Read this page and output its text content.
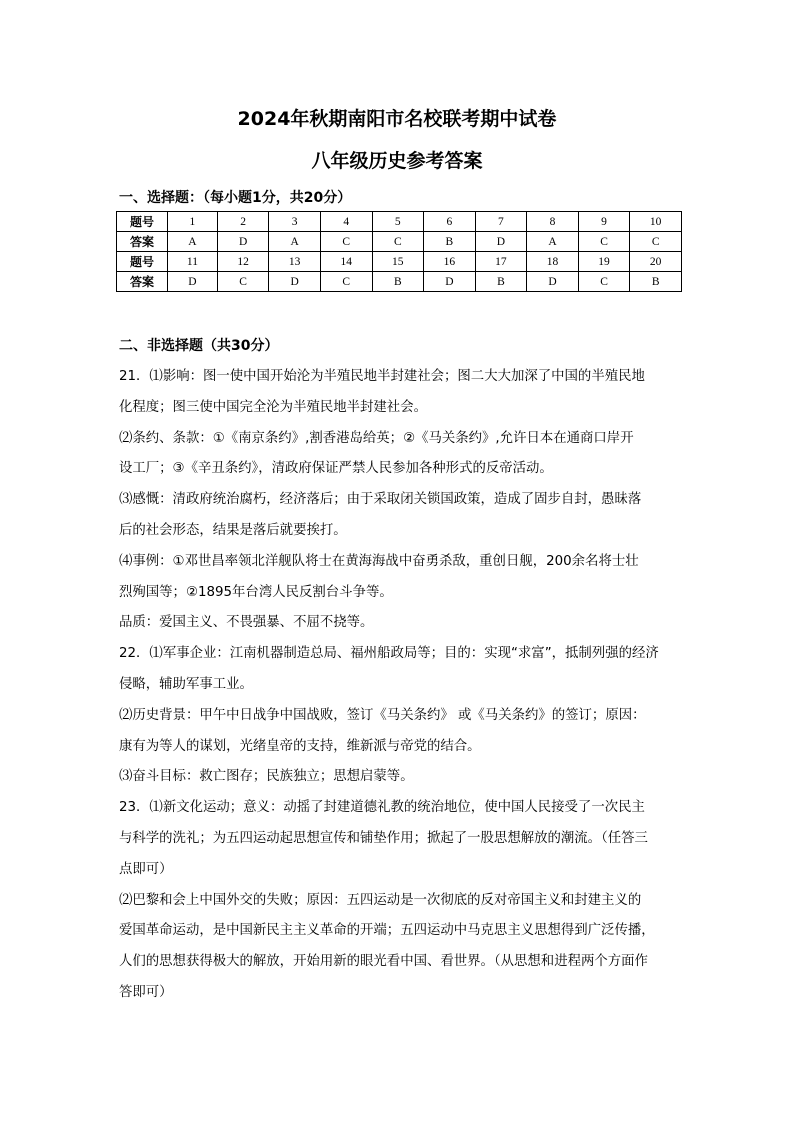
2024年秋期南阳市名校联考期中试卷
八年级历史参考答案
一、选择题：（每小题1分，共20分）
题号	1	2	3	4	5	6	7	8	9	10
答案	A	D	A	C	C	B	D	A	C	C
题号	11	12	13	14	15	16	17	18	19	20
答案	D	C	D	C	B	D	B	D	C	B
二、非选择题（共30分）

21．⑴影响：图一使中国开始沦为半殖民地半封建社会；图二大大加深了中国的半殖民地

化程度；图三使中国完全沦为半殖民地半封建社会。

⑵条约、条款：①《南京条约》,割香港岛给英；②《马关条约》,允许日本在通商口岸开

设工厂；③《辛丑条约》，清政府保证严禁人民参加各种形式的反帝活动。

⑶感慨：清政府统治腐朽，经济落后；由于采取闭关锁国政策，造成了固步自封，愚昧落

后的社会形态，结果是落后就要挨打。

⑷事例：①邓世昌率领北洋舰队将士在黄海海战中奋勇杀敌，重创日舰，200余名将士壮

烈殉国等；②1895年台湾人民反割台斗争等。

品质：爱国主义、不畏强暴、不屈不挠等。

22．⑴军事企业：江南机器制造总局、福州船政局等；目的：实现“求富”，抵制列强的经济

侵略，辅助军事工业。

⑵历史背景：甲午中日战争中国战败，签订《马关条约》 或《马关条约》的签订；原因：

康有为等人的谋划，光绪皇帝的支持，维新派与帝党的结合。

⑶奋斗目标：救亡图存；民族独立；思想启蒙等。

23．⑴新文化运动；意义：动摇了封建道德礼教的统治地位，使中国人民接受了一次民主

与科学的洗礼；为五四运动起思想宣传和铺垫作用；掀起了一股思想解放的潮流。（任答三

点即可）

⑵巴黎和会上中国外交的失败；原因：五四运动是一次彻底的反对帝国主义和封建主义的

爱国革命运动，是中国新民主主义革命的开端；五四运动中马克思主义思想得到广泛传播，

人们的思想获得极大的解放，开始用新的眼光看中国、看世界。（从思想和进程两个方面作

答即可）
